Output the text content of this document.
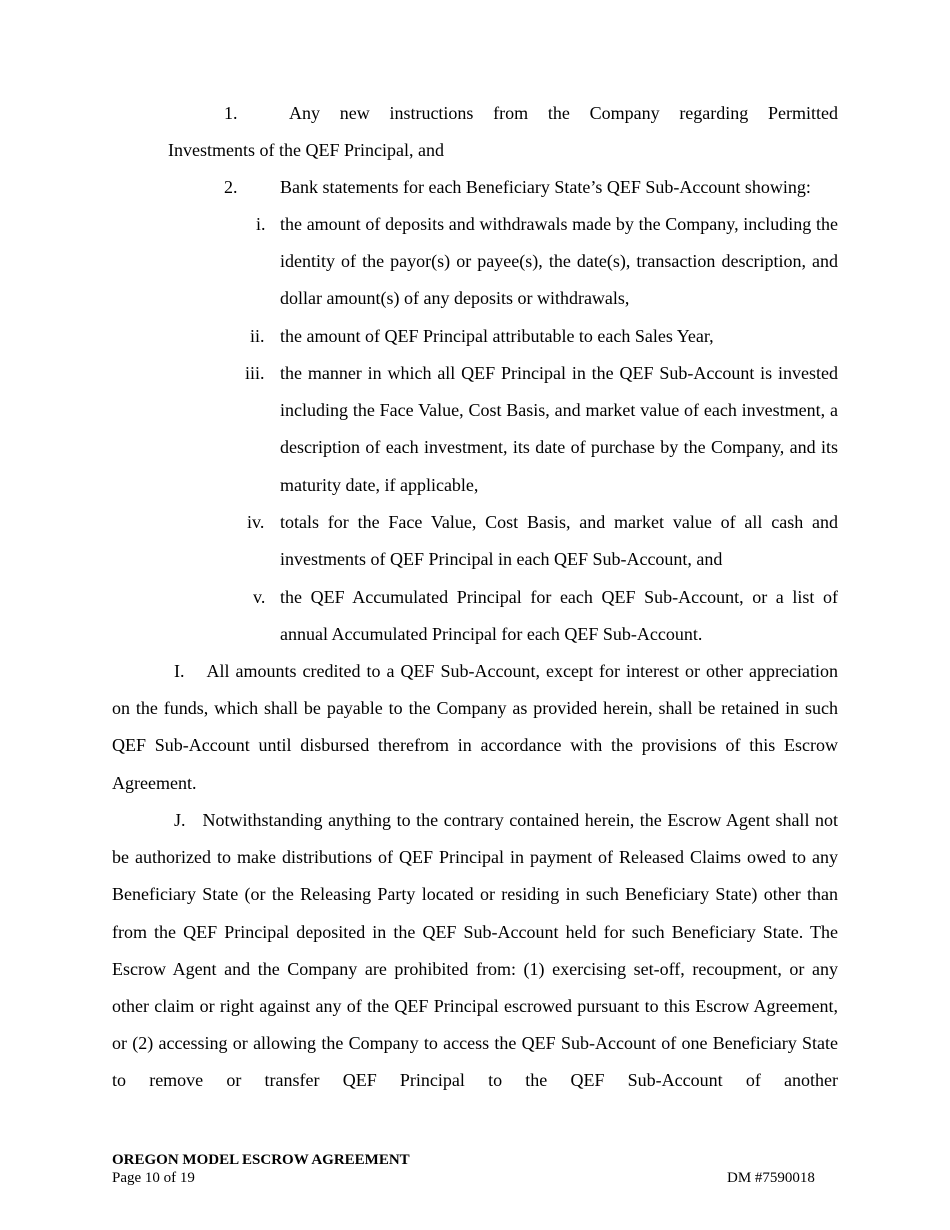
1.	Any new instructions from the Company regarding Permitted
Investments of the QEF Principal, and
2. Bank statements for each Beneficiary State’s QEF Sub-Account showing:
i. the amount of deposits and withdrawals made by the Company, including the identity of the payor(s) or payee(s), the date(s), transaction description, and dollar amount(s) of any deposits or withdrawals,
ii. the amount of QEF Principal attributable to each Sales Year,
iii. the manner in which all QEF Principal in the QEF Sub-Account is invested including the Face Value, Cost Basis, and market value of each investment, a description of each investment, its date of purchase by the Company, and its maturity date, if applicable,
iv. totals for the Face Value, Cost Basis, and market value of all cash and investments of QEF Principal in each QEF Sub-Account, and
v. the QEF Accumulated Principal for each QEF Sub-Account, or a list of annual Accumulated Principal for each QEF Sub-Account.
I. All amounts credited to a QEF Sub-Account, except for interest or other appreciation on the funds, which shall be payable to the Company as provided herein, shall be retained in such QEF Sub-Account until disbursed therefrom in accordance with the provisions of this Escrow Agreement.
J. Notwithstanding anything to the contrary contained herein, the Escrow Agent shall not be authorized to make distributions of QEF Principal in payment of Released Claims owed to any Beneficiary State (or the Releasing Party located or residing in such Beneficiary State) other than from the QEF Principal deposited in the QEF Sub-Account held for such Beneficiary State. The Escrow Agent and the Company are prohibited from: (1) exercising set-off, recoupment, or any other claim or right against any of the QEF Principal escrowed pursuant to this Escrow Agreement, or (2) accessing or allowing the Company to access the QEF Sub-Account of one Beneficiary State to remove or transfer QEF Principal to the QEF Sub-Account of another
OREGON MODEL ESCROW AGREEMENT
Page 10 of 19	DM #7590018
